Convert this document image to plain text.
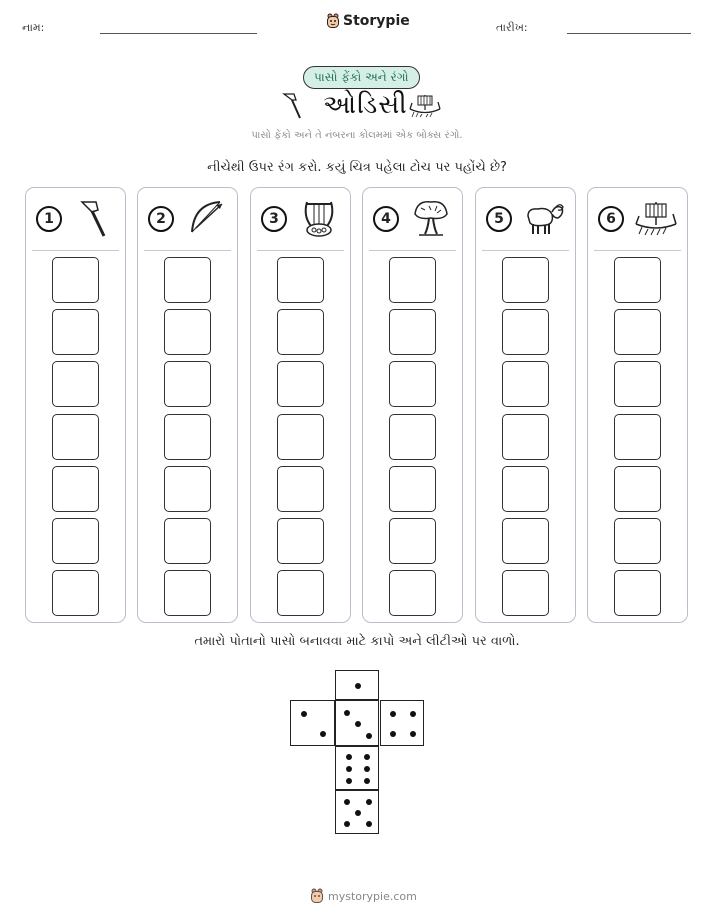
નામ:	Storypie	તારીખ:
પાસો ફેંકો અને રંગો
ઓડિસી
પાસો ફેંકો અને તે નંબરના કોલમમાં એક બોક્સ રંગો.
નીચેથી ઉપર રંગ કરો. કયું ચિત્ર પહેલા ટોચ પર પહોંચે છે?
1	2	3	4	5	6
તમારો પોતાનો પાસો બનાવવા માટે કાપો અને લીટીઓ પર વાળો.
mystorypie.com
